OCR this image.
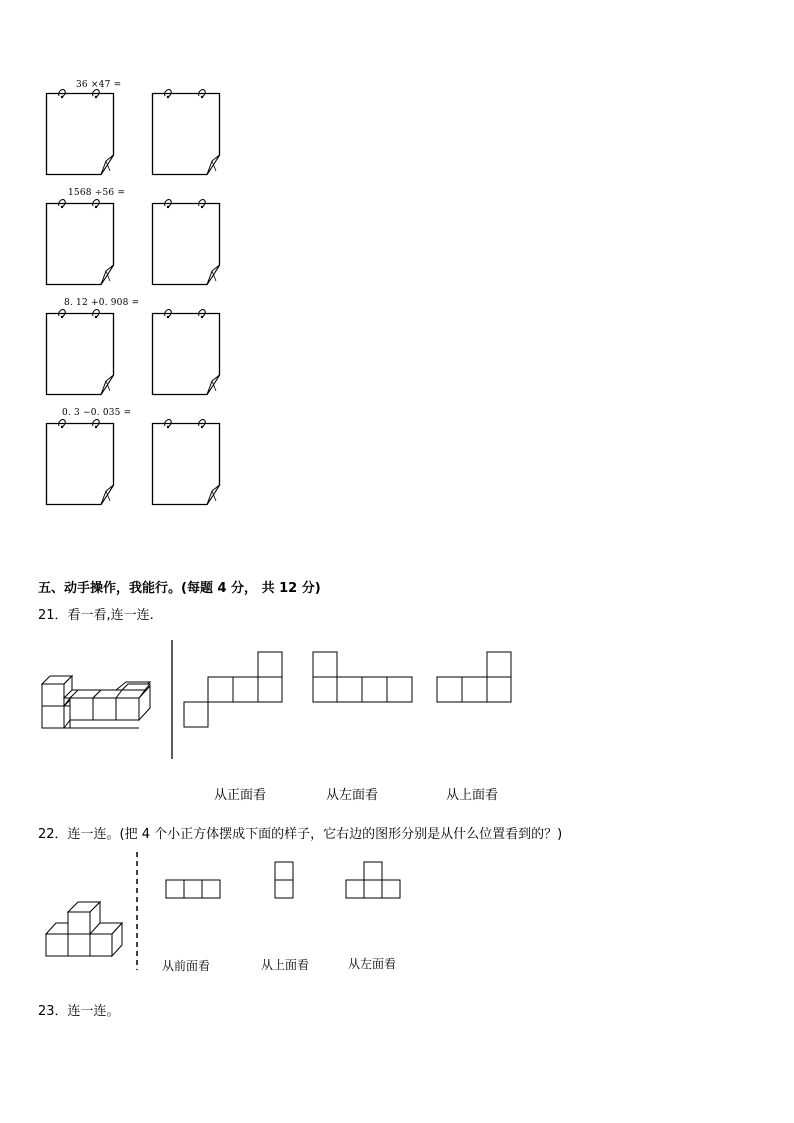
36 ×47 =
1568 ÷56 =
8. 12 +0. 908 =
0. 3 −0. 035 =
五、动手操作，我能行。(每题 4 分， 共 12 分)
21．看一看,连一连.
从正面看	从左面看	从上面看
22．连一连。(把 4 个小正方体摆成下面的样子，它右边的图形分别是从什么位置看到的？)
从前面看	从上面看	从左面看
23．连一连。
